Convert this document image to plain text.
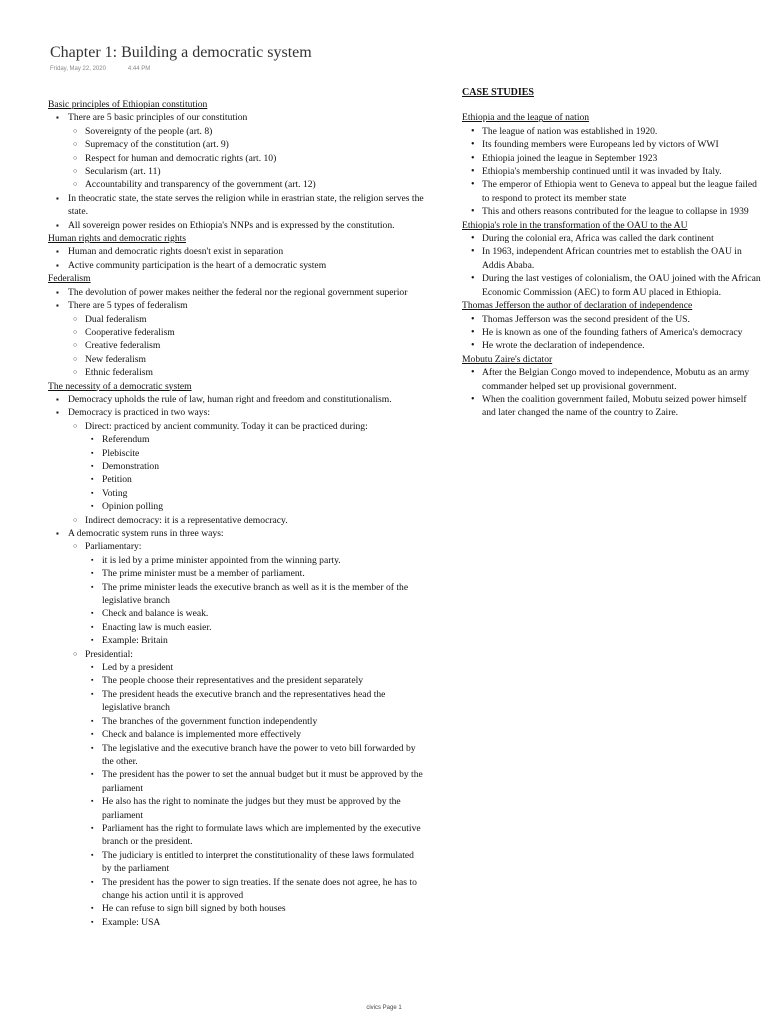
Chapter 1: Building a democratic system
Friday, May 22, 2020	4:44 PM
Basic principles of Ethiopian constitution
▪ There are 5 basic principles of our constitution
○ Sovereignty of the people (art. 8)
○ Supremacy of the constitution (art. 9)
○ Respect for human and democratic rights (art. 10)
○ Secularism (art. 11)
○ Accountability and transparency of the government (art. 12)
▪ In theocratic state, the state serves the religion while in erastrian state, the religion serves the state.
▪ All sovereign power resides on Ethiopia's NNPs and is expressed by the constitution.
Human rights and democratic rights
▪ Human and democratic rights doesn't exist in separation
▪ Active community participation is the heart of a democratic system
Federalism
▪ The devolution of power makes neither the federal nor the regional government superior
▪ There are 5 types of federalism
○ Dual federalism
○ Cooperative federalism
○ Creative federalism
○ New federalism
○ Ethnic federalism
The necessity of a democratic system
▪ Democracy upholds the rule of law, human right and freedom and constitutionalism.
▪ Democracy is practiced in two ways:
○ Direct: practiced by ancient community. Today it can be practiced during:
▪ Referendum
▪ Plebiscite
▪ Demonstration
▪ Petition
▪ Voting
▪ Opinion polling
○ Indirect democracy: it is a representative democracy.
▪ A democratic system runs in three ways:
○ Parliamentary:
▪ it is led by a prime minister appointed from the winning party.
▪ The prime minister must be a member of parliament.
▪ The prime minister leads the executive branch as well as it is the member of the legislative branch
▪ Check and balance is weak.
▪ Enacting law is much easier.
▪ Example: Britain
○ Presidential:
▪ Led by a president
▪ The people choose their representatives and the president separately
▪ The president heads the executive branch and the representatives head the legislative branch
▪ The branches of the government function independently
▪ Check and balance is implemented more effectively
▪ The legislative and the executive branch have the power to veto bill forwarded by the other.
▪ The president has the power to set the annual budget but it must be approved by the parliament
▪ He also has the right to nominate the judges but they must be approved by the parliament
▪ Parliament has the right to formulate laws which are implemented by the executive branch or the president.
▪ The judiciary is entitled to interpret the constitutionality of these laws formulated by the parliament
▪ The president has the power to sign treaties. If the senate does not agree, he has to change his action until it is approved
▪ He can refuse to sign bill signed by both houses
▪ Example: USA
CASE STUDIES
Ethiopia and the league of nation
• The league of nation was established in 1920.
• Its founding members were Europeans led by victors of WWI
• Ethiopia joined the league in September 1923
• Ethiopia's membership continued until it was invaded by Italy.
• The emperor of Ethiopia went to Geneva to appeal but the league failed to respond to protect its member state
• This and others reasons contributed for the league to collapse in 1939
Ethiopia's role in the transformation of the OAU to the AU
• During the colonial era, Africa was called the dark continent
• In 1963, independent African countries met to establish the OAU in Addis Ababa.
• During the last vestiges of colonialism, the OAU joined with the African Economic Commission (AEC) to form AU placed in Ethiopia.
Thomas Jefferson the author of declaration of independence
• Thomas Jefferson was the second president of the US.
• He is known as one of the founding fathers of America's democracy
• He wrote the declaration of independence.
Mobutu Zaire's dictator
• After the Belgian Congo moved to independence, Mobutu as an army commander helped set up provisional government.
• When the coalition government failed, Mobutu seized power himself and later changed the name of the country to Zaire.
civics Page 1
